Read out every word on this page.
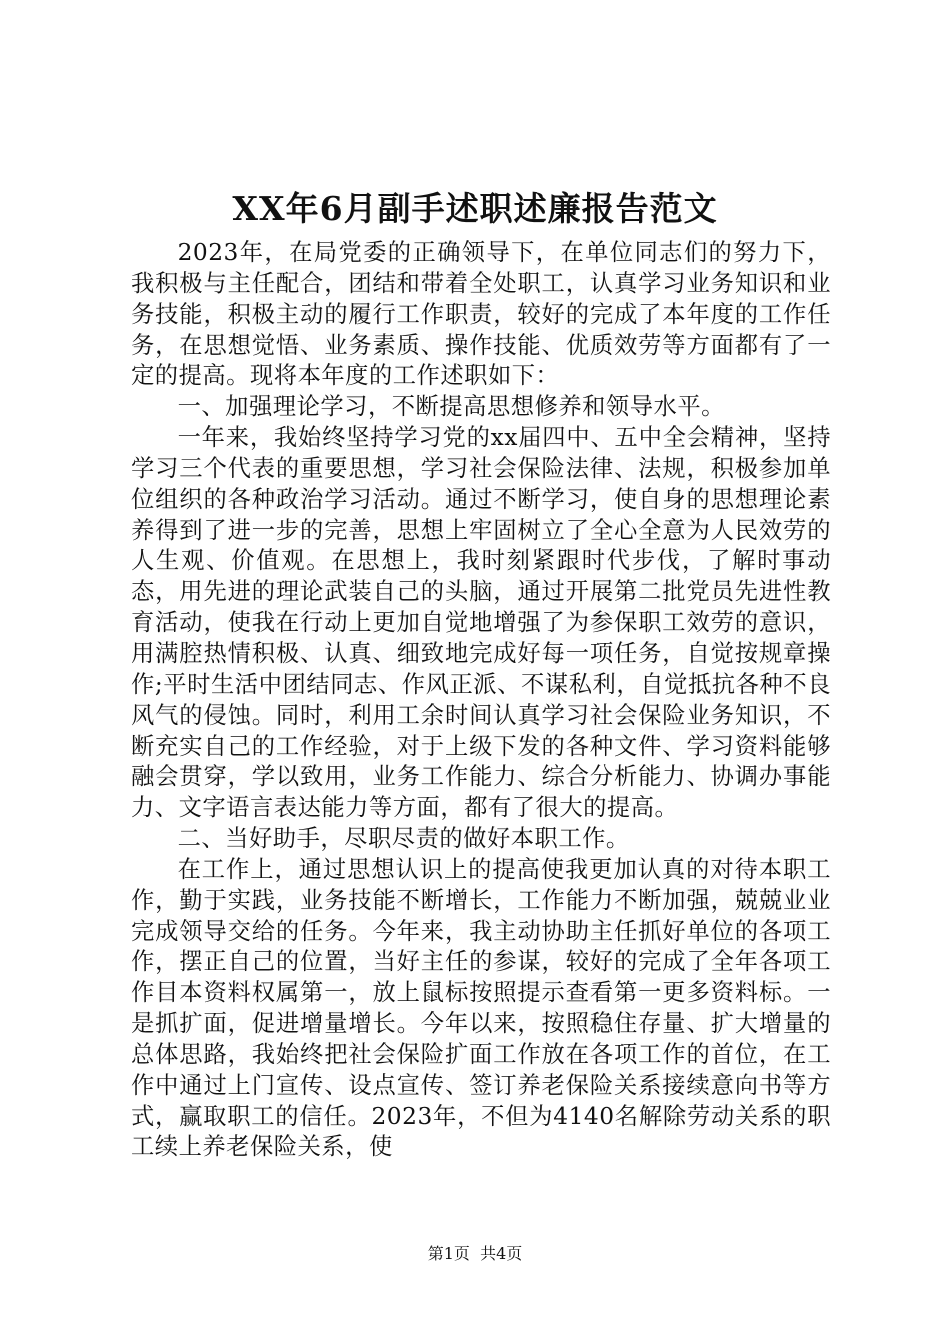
XX年6月副手述职述廉报告范文

2023年，在局党委的正确领导下，在单位同志们的努力下，我积极与主任配合，团结和带着全处职工，认真学习业务知识和业务技能，积极主动的履行工作职责，较好的完成了本年度的工作任务，在思想觉悟、业务素质、操作技能、优质效劳等方面都有了一定的提高。现将本年度的工作述职如下：

一、加强理论学习，不断提高思想修养和领导水平。

一年来，我始终坚持学习党的xx届四中、五中全会精神，坚持学习三个代表的重要思想，学习社会保险法律、法规，积极参加单位组织的各种政治学习活动。通过不断学习，使自身的思想理论素养得到了进一步的完善，思想上牢固树立了全心全意为人民效劳的人生观、价值观。在思想上，我时刻紧跟时代步伐，了解时事动态，用先进的理论武装自己的头脑，通过开展第二批党员先进性教育活动，使我在行动上更加自觉地增强了为参保职工效劳的意识，用满腔热情积极、认真、细致地完成好每一项任务，自觉按规章操作;平时生活中团结同志、作风正派、不谋私利，自觉抵抗各种不良风气的侵蚀。同时，利用工余时间认真学习社会保险业务知识，不断充实自己的工作经验，对于上级下发的各种文件、学习资料能够融会贯穿，学以致用，业务工作能力、综合分析能力、协调办事能力、文字语言表达能力等方面，都有了很大的提高。

二、当好助手，尽职尽责的做好本职工作。

在工作上，通过思想认识上的提高使我更加认真的对待本职工作，勤于实践，业务技能不断增长，工作能力不断加强，兢兢业业完成领导交给的任务。今年来，我主动协助主任抓好单位的各项工作，摆正自己的位置，当好主任的参谋，较好的完成了全年各项工作目本资料权属第一，放上鼠标按照提示查看第一更多资料标。一是抓扩面，促进增量增长。今年以来，按照稳住存量、扩大增量的总体思路，我始终把社会保险扩面工作放在各项工作的首位，在工作中通过上门宣传、设点宣传、签订养老保险关系接续意向书等方式，赢取职工的信任。2023年，不但为4140名解除劳动关系的职工续上养老保险关系，使

第1页 共4页
